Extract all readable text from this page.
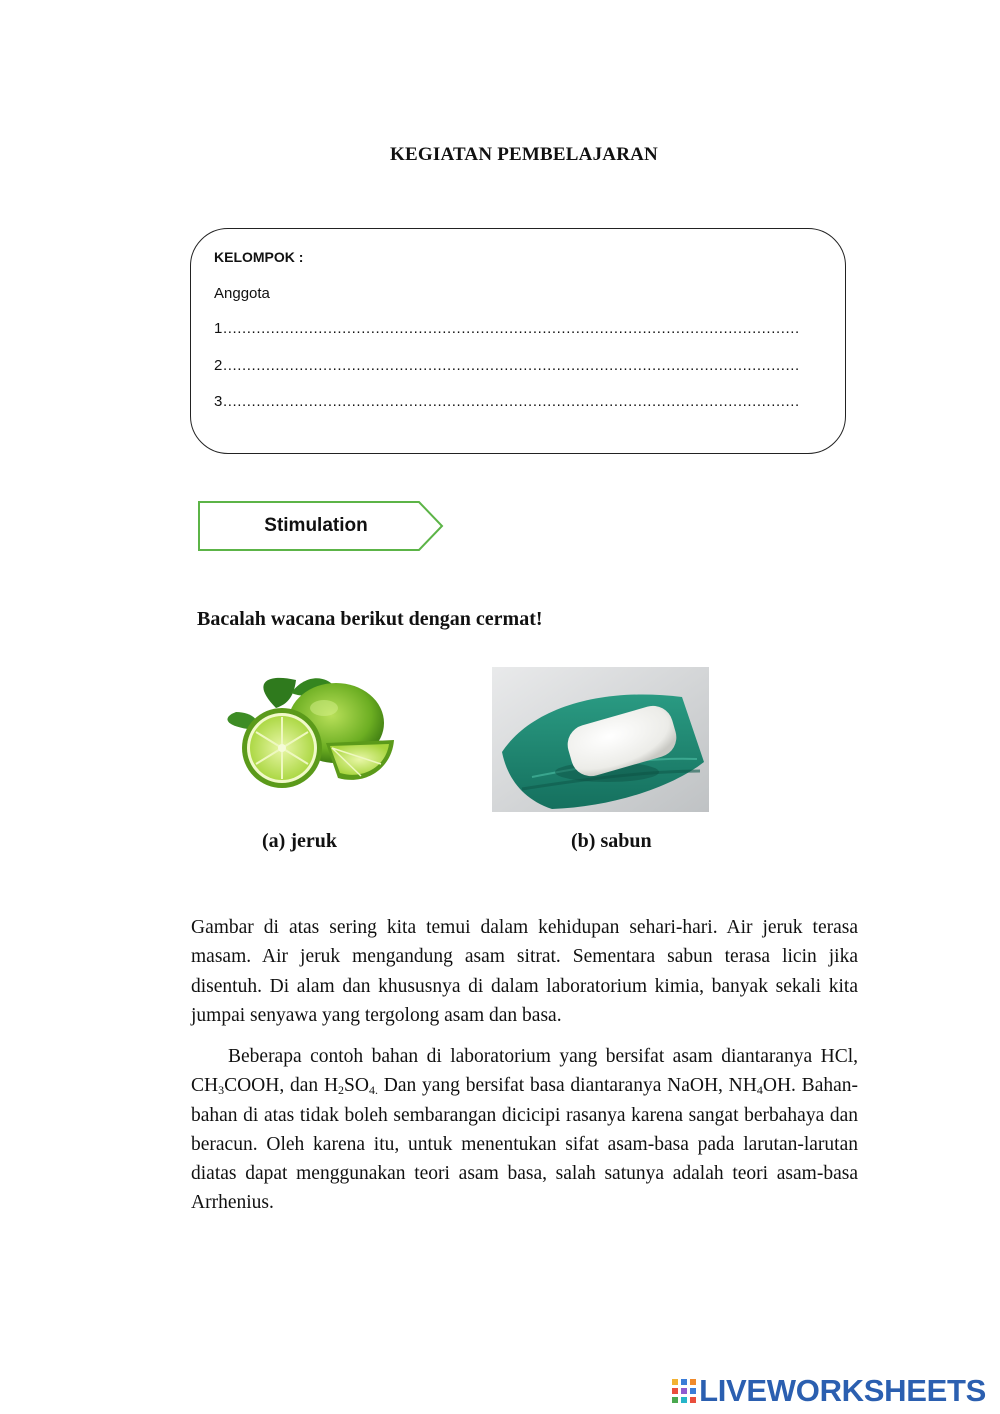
KEGIATAN PEMBELAJARAN
KELOMPOK :
Anggota
1.........................................................................................................................
2.........................................................................................................................
3.........................................................................................................................
Stimulation
Bacalah wacana berikut dengan cermat!
(a) jeruk	(b) sabun

Gambar di atas sering kita temui dalam kehidupan sehari-hari. Air jeruk terasa masam. Air jeruk mengandung asam sitrat. Sementara sabun terasa licin jika disentuh. Di alam dan khususnya di dalam laboratorium kimia, banyak sekali kita jumpai senyawa yang tergolong asam dan basa.

Beberapa contoh bahan di laboratorium yang bersifat asam diantaranya HCl, $CH_3COOH$, dan $H_2SO_{4.}$ Dan yang bersifat basa diantaranya NaOH, $NH_4OH$. Bahan-bahan di atas tidak boleh sembarangan dicicipi rasanya karena sangat berbahaya dan beracun. Oleh karena itu, untuk menentukan sifat asam-basa pada larutan-larutan diatas dapat menggunakan teori asam basa, salah satunya adalah teori asam-basa Arrhenius.

LIVEWORKSHEETS
